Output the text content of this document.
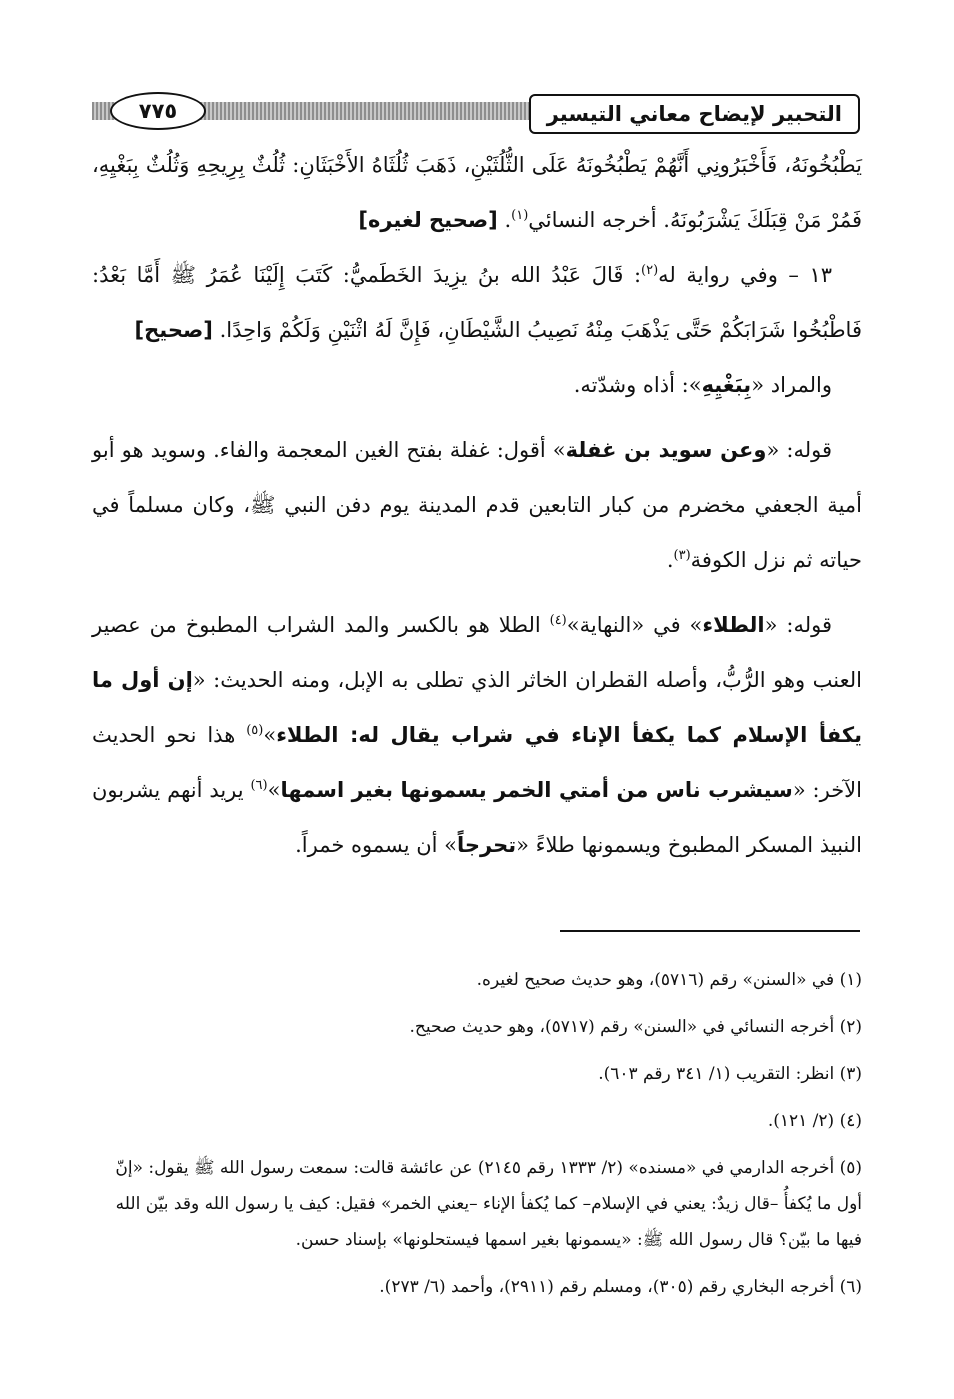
التحبير لإيضاح معاني التيسير
٧٧٥

يَطْبُخُونَهُ، فَأَخْبَرُونِي أَنَّهُمْ يَطْبُخُونَهُ عَلَى الثُّلُثَيْنِ، ذَهَبَ ثُلُثَاهُ الأَخْبَثَانِ: ثُلُثٌ بِرِيحِهِ وَثُلُثٌ بِبَغْيِهِ، فَمُرْ مَنْ قِبَلَكَ يَشْرَبُونَهُ. أخرجه النسائي$^{(١)}$. [صحيح لغيره]

١٣ – وفي رواية له$^{(٢)}$: قَالَ عَبْدُ الله بنُ يزِيدَ الخَطَميُّ: كَتَبَ إِلَيْنَا عُمَرُ ﷺ أَمَّا بَعْدُ: فَاطْبُخُوا شَرَابَكُمْ حَتَّى يَذْهَبَ مِنْهُ نَصِيبُ الشَّيْطَانِ، فَإِنَّ لَهُ اثْنَيْنِ وَلَكُمْ وَاحِدًا. [صحيح]

والمراد «بِبَغْيِهِ»: أذاه وشدّته.

قوله: «وعن سويد بن غفلة» أقول: غفلة بفتح الغين المعجمة والفاء. وسويد هو أبو أمية الجعفي مخضرم من كبار التابعين قدم المدينة يوم دفن النبي ﷺ، وكان مسلماً في حياته ثم نزل الكوفة$^{(٣)}$.

قوله: «الطلاء» في «النهاية»$^{(٤)}$ الطلا هو بالكسر والمد الشراب المطبوخ من عصير العنب وهو الرُّبُّ، وأصله القطران الخاثر الذي تطلى به الإبل، ومنه الحديث: «إن أول ما يكفأ الإسلام كما يكفأ الإناء في شراب يقال له: الطلاء»$^{(٥)}$ هذا نحو الحديث الآخر: «سيشرب ناس من أمتي الخمر يسمونها بغير اسمها»$^{(٦)}$ يريد أنهم يشربون النبيذ المسكر المطبوخ ويسمونها طلاءً «تحرجاً» أن يسموه خمراً.

(١) في «السنن» رقم (٥٧١٦)، وهو حديث صحيح لغيره.

(٢) أخرجه النسائي في «السنن» رقم (٥٧١٧)، وهو حديث صحيح.

(٣) انظر: التقريب (١/ ٣٤١ رقم ٦٠٣).

(٤) (٢/ ١٢١).

(٥) أخرجه الدارمي في «مسنده» (٢/ ١٣٣٣ رقم ٢١٤٥) عن عائشة قالت: سمعت رسول الله ﷺ يقول: «إنّ أول ما يُكفأُ –قال زيدٌ: يعني في الإسلام– كما يُكفأ الإناء –يعني الخمر» فقيل: كيف يا رسول الله وقد بيّن الله فيها ما بيّن؟ قال رسول الله ﷺ: «يسمونها بغير اسمها فيستحلونها» بإسناد حسن.

(٦) أخرجه البخاري رقم (٣٠٥)، ومسلم رقم (٢٩١١)، وأحمد (٦/ ٢٧٣).
